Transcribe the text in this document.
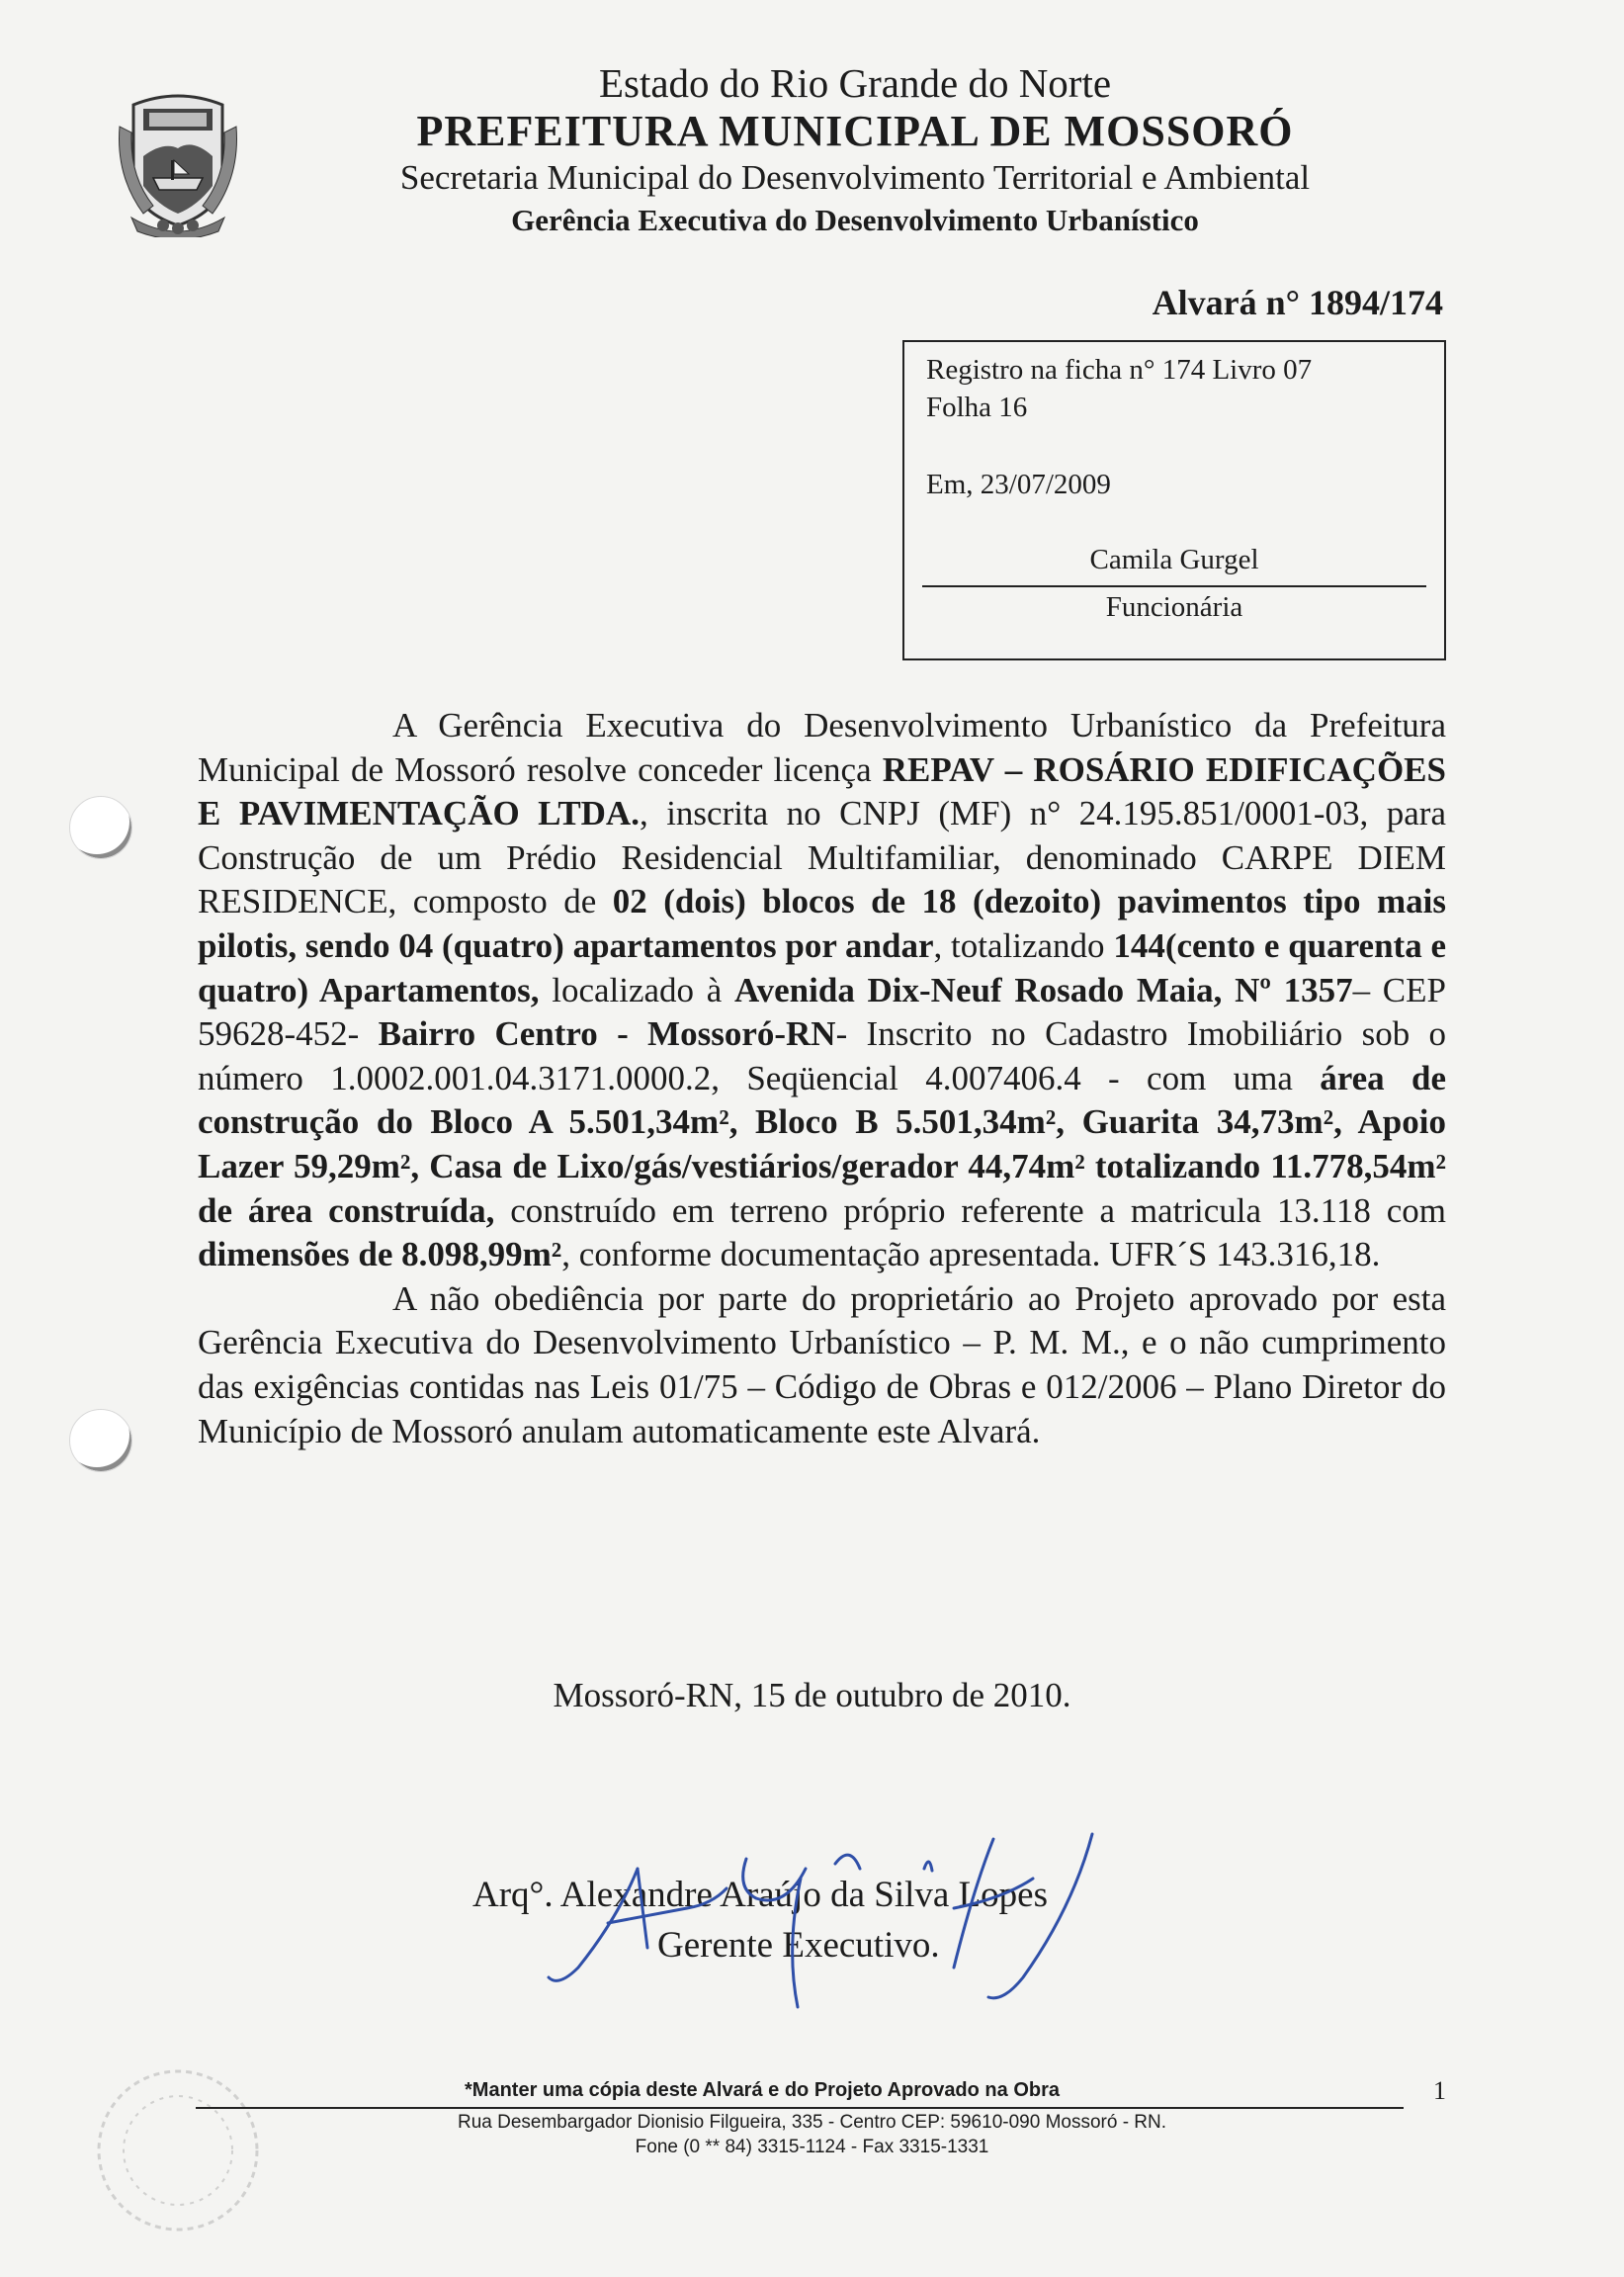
Estado do Rio Grande do Norte
PREFEITURA MUNICIPAL DE MOSSORÓ
Secretaria Municipal do Desenvolvimento Territorial e Ambiental
Gerência Executiva do Desenvolvimento Urbanístico
Alvará n° 1894/174
Registro na ficha n° 174 Livro 07
Folha 16
Em, 23/07/2009
Camila Gurgel
Funcionária

A Gerência Executiva do Desenvolvimento Urbanístico da Prefeitura Municipal de Mossoró resolve conceder licença REPAV – ROSÁRIO EDIFICAÇÕES E PAVIMENTAÇÃO LTDA., inscrita no CNPJ (MF) n° 24.195.851/0001-03, para Construção de um Prédio Residencial Multifamiliar, denominado CARPE DIEM RESIDENCE, composto de 02 (dois) blocos de 18 (dezoito) pavimentos tipo mais pilotis, sendo 04 (quatro) apartamentos por andar, totalizando 144(cento e quarenta e quatro) Apartamentos, localizado à Avenida Dix-Neuf Rosado Maia, Nº 1357– CEP 59628-452- Bairro Centro - Mossoró-RN- Inscrito no Cadastro Imobiliário sob o número 1.0002.001.04.3171.0000.2, Seqüencial 4.007406.4 - com uma área de construção do Bloco A 5.501,34m², Bloco B 5.501,34m², Guarita 34,73m², Apoio Lazer 59,29m², Casa de Lixo/gás/vestiários/gerador 44,74m² totalizando 11.778,54m² de área construída, construído em terreno próprio referente a matricula 13.118 com dimensões de 8.098,99m², conforme documentação apresentada. UFR´S 143.316,18.

A não obediência por parte do proprietário ao Projeto aprovado por esta Gerência Executiva do Desenvolvimento Urbanístico – P. M. M., e o não cumprimento das exigências contidas nas Leis 01/75 – Código de Obras e 012/2006 – Plano Diretor do Município de Mossoró anulam automaticamente este Alvará.

Mossoró-RN, 15 de outubro de 2010.
Arq°. Alexandre Araújo da Silva Lopes
Gerente Executivo.
*Manter uma cópia deste Alvará e do Projeto Aprovado na Obra	1
Rua Desembargador Dionisio Filgueira, 335 - Centro CEP: 59610-090 Mossoró - RN.
Fone (0 ** 84) 3315-1124 - Fax 3315-1331
